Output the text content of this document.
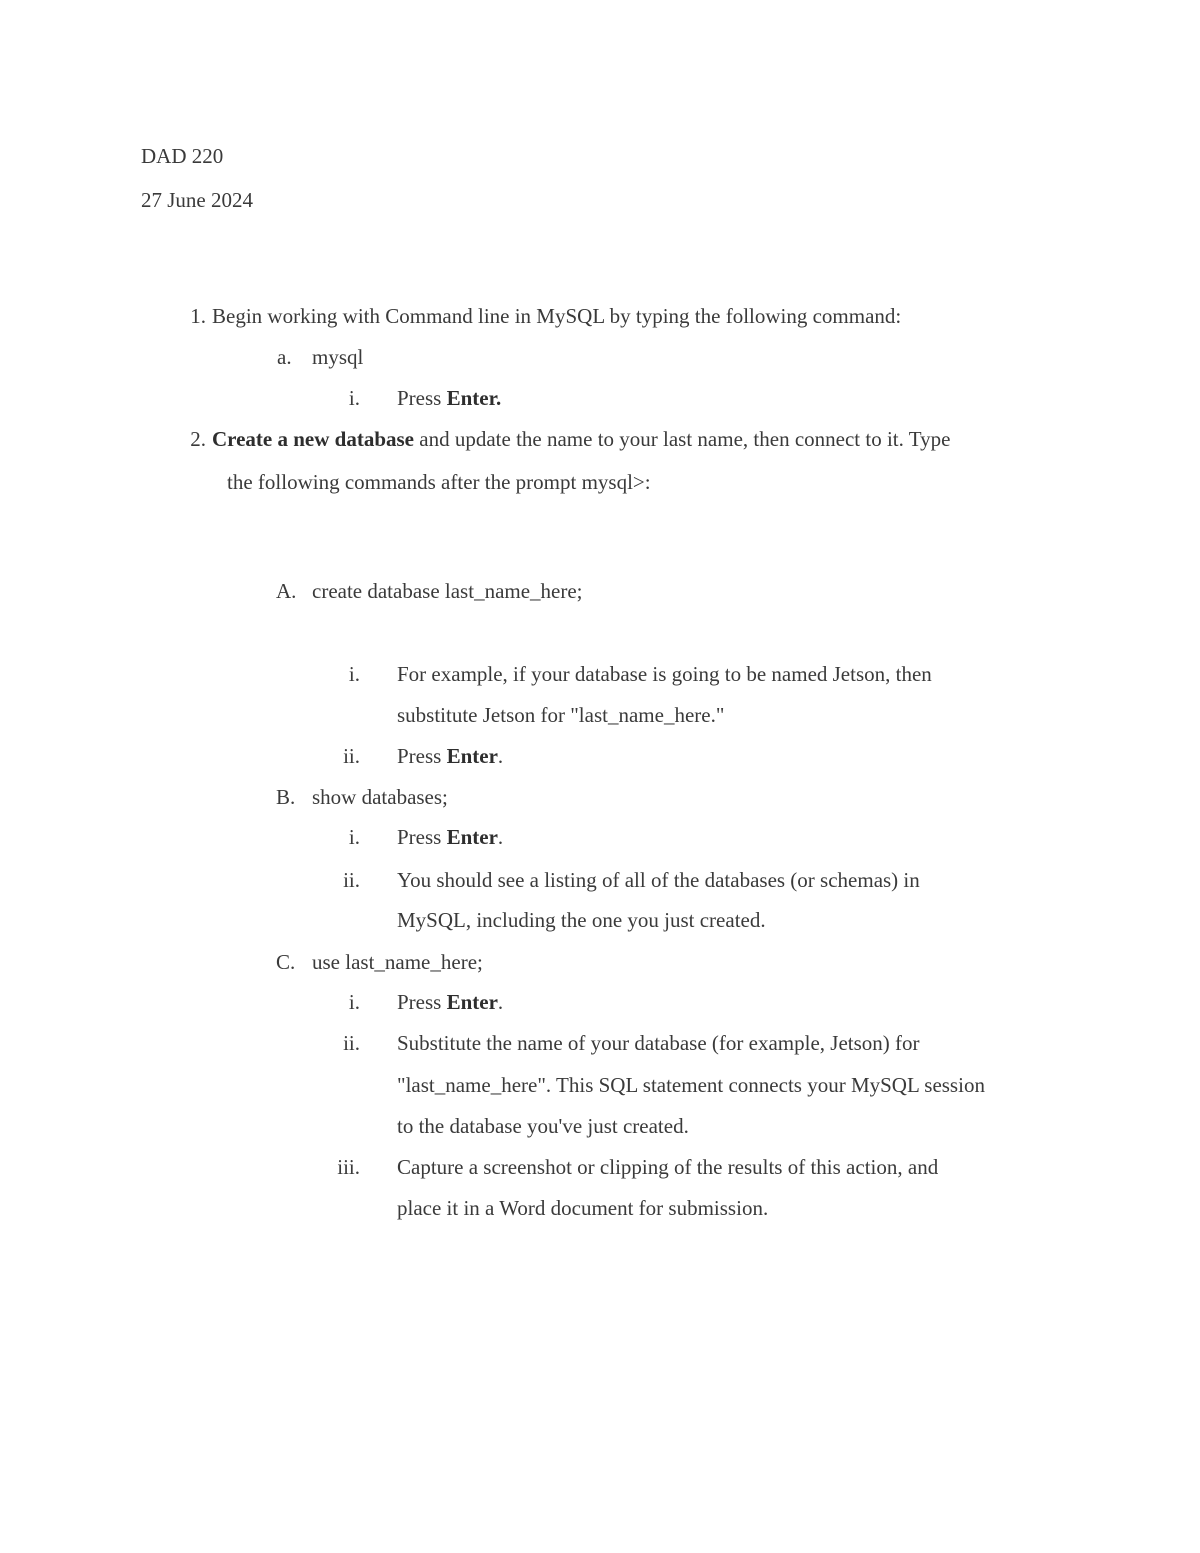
DAD 220
27 June 2024
1. Begin working with Command line in MySQL by typing the following command:
a. mysql
i. Press Enter.
2. Create a new database and update the name to your last name, then connect to it. Type
the following commands after the prompt mysql>:
A. create database last_name_here;
i. For example, if your database is going to be named Jetson, then
substitute Jetson for "last_name_here."
ii. Press Enter.
B. show databases;
i. Press Enter.
ii. You should see a listing of all of the databases (or schemas) in
MySQL, including the one you just created.
C. use last_name_here;
i. Press Enter.
ii. Substitute the name of your database (for example, Jetson) for
"last_name_here". This SQL statement connects your MySQL session
to the database you've just created.
iii. Capture a screenshot or clipping of the results of this action, and
place it in a Word document for submission.
